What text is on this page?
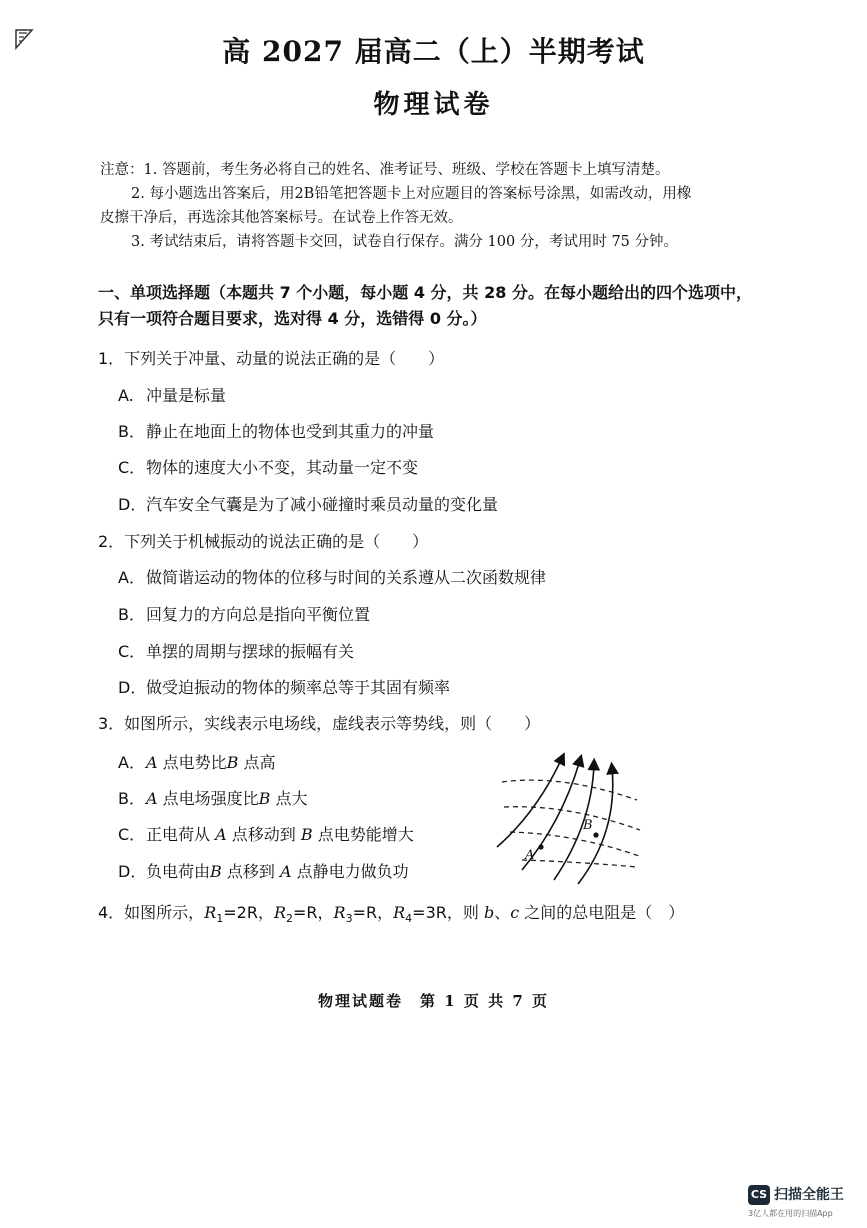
高 2027 届高二（上）半期考试
物理试卷
注意：1. 答题前，考生务必将自己的姓名、准考证号、班级、学校在答题卡上填写清楚。
2. 每小题选出答案后，用2B铅笔把答题卡上对应题目的答案标号涂黑，如需改动，用橡
皮擦干净后，再选涂其他答案标号。在试卷上作答无效。
3. 考试结束后，请将答题卡交回，试卷自行保存。满分 100 分，考试用时 75 分钟。
一、单项选择题（本题共 7 个小题，每小题 4 分，共 28 分。在每小题给出的四个选项中，
只有一项符合题目要求，选对得 4 分，选错得 0 分。）
1．下列关于冲量、动量的说法正确的是（　　）
A. 冲量是标量
B．静止在地面上的物体也受到其重力的冲量
C．物体的速度大小不变，其动量一定不变
D．汽车安全气囊是为了减小碰撞时乘员动量的变化量
2．下列关于机械振动的说法正确的是（　　）
A．做简谐运动的物体的位移与时间的关系遵从二次函数规律
B．回复力的方向总是指向平衡位置
C．单摆的周期与摆球的振幅有关
D．做受迫振动的物体的频率总等于其固有频率
3．如图所示，实线表示电场线，虚线表示等势线，则（　　）
A．A 点电势比B 点高
B．A 点电场强度比B 点大
C．正电荷从 A 点移动到 B 点电势能增大
D．负电荷由B 点移到 A 点静电力做负功
A
B
4．如图所示，$R_1=2R$，$R_2=R$，$R_3=R$，$R_4=3R$，则 b、c 之间的总电阻是（　）
物理试题卷　第 1 页 共 7 页
CS 扫描全能王
3亿人都在用的扫描App
